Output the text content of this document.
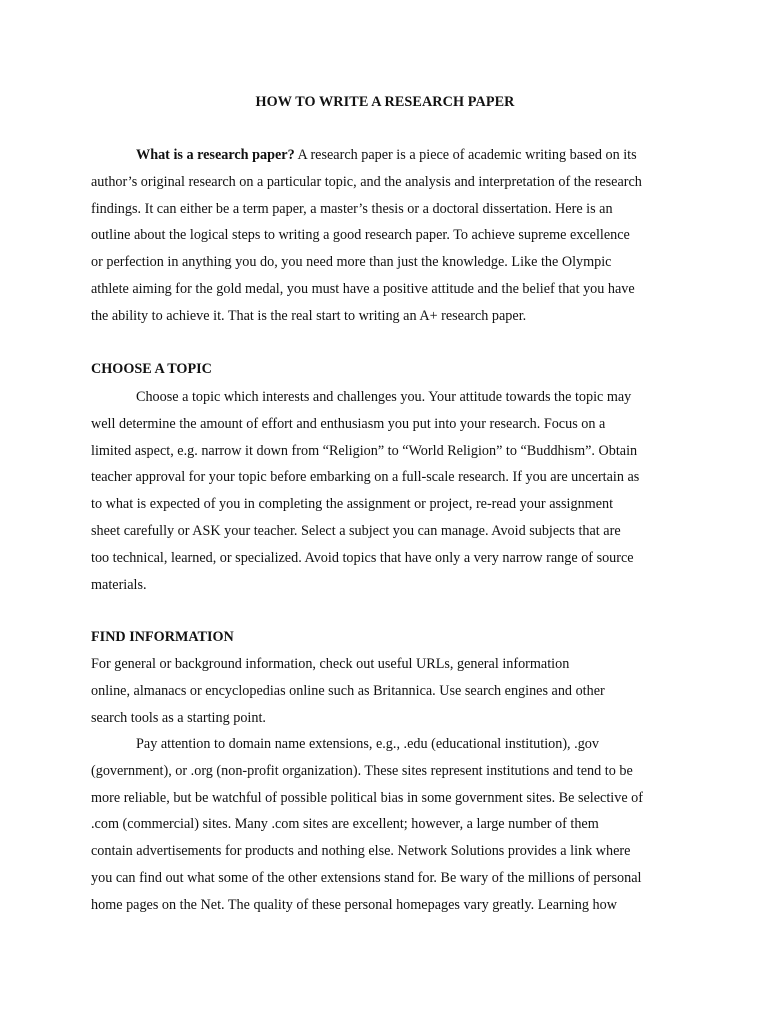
HOW TO WRITE A RESEARCH PAPER
What is a research paper? A research paper is a piece of academic writing based on its
author’s original research on a particular topic, and the analysis and interpretation of the research
findings. It can either be a term paper, a master’s thesis or a doctoral dissertation. Here is an
outline about the logical steps to writing a good research paper. To achieve supreme excellence
or perfection in anything you do, you need more than just the knowledge. Like the Olympic
athlete aiming for the gold medal, you must have a positive attitude and the belief that you have
the ability to achieve it. That is the real start to writing an A+ research paper.
CHOOSE A TOPIC
Choose a topic which interests and challenges you. Your attitude towards the topic may
well determine the amount of effort and enthusiasm you put into your research. Focus on a
limited aspect, e.g. narrow it down from “Religion” to “World Religion” to “Buddhism”. Obtain
teacher approval for your topic before embarking on a full-scale research. If you are uncertain as
to what is expected of you in completing the assignment or project, re-read your assignment
sheet carefully or ASK your teacher. Select a subject you can manage. Avoid subjects that are
too technical, learned, or specialized. Avoid topics that have only a very narrow range of source
materials.
FIND INFORMATION
For general or background information, check out useful URLs, general information
online, almanacs or encyclopedias online such as Britannica. Use search engines and other
search tools as a starting point.
Pay attention to domain name extensions, e.g., .edu (educational institution), .gov
(government), or .org (non-profit organization). These sites represent institutions and tend to be
more reliable, but be watchful of possible political bias in some government sites. Be selective of
.com (commercial) sites. Many .com sites are excellent; however, a large number of them
contain advertisements for products and nothing else. Network Solutions provides a link where
you can find out what some of the other extensions stand for. Be wary of the millions of personal
home pages on the Net. The quality of these personal homepages vary greatly. Learning how
